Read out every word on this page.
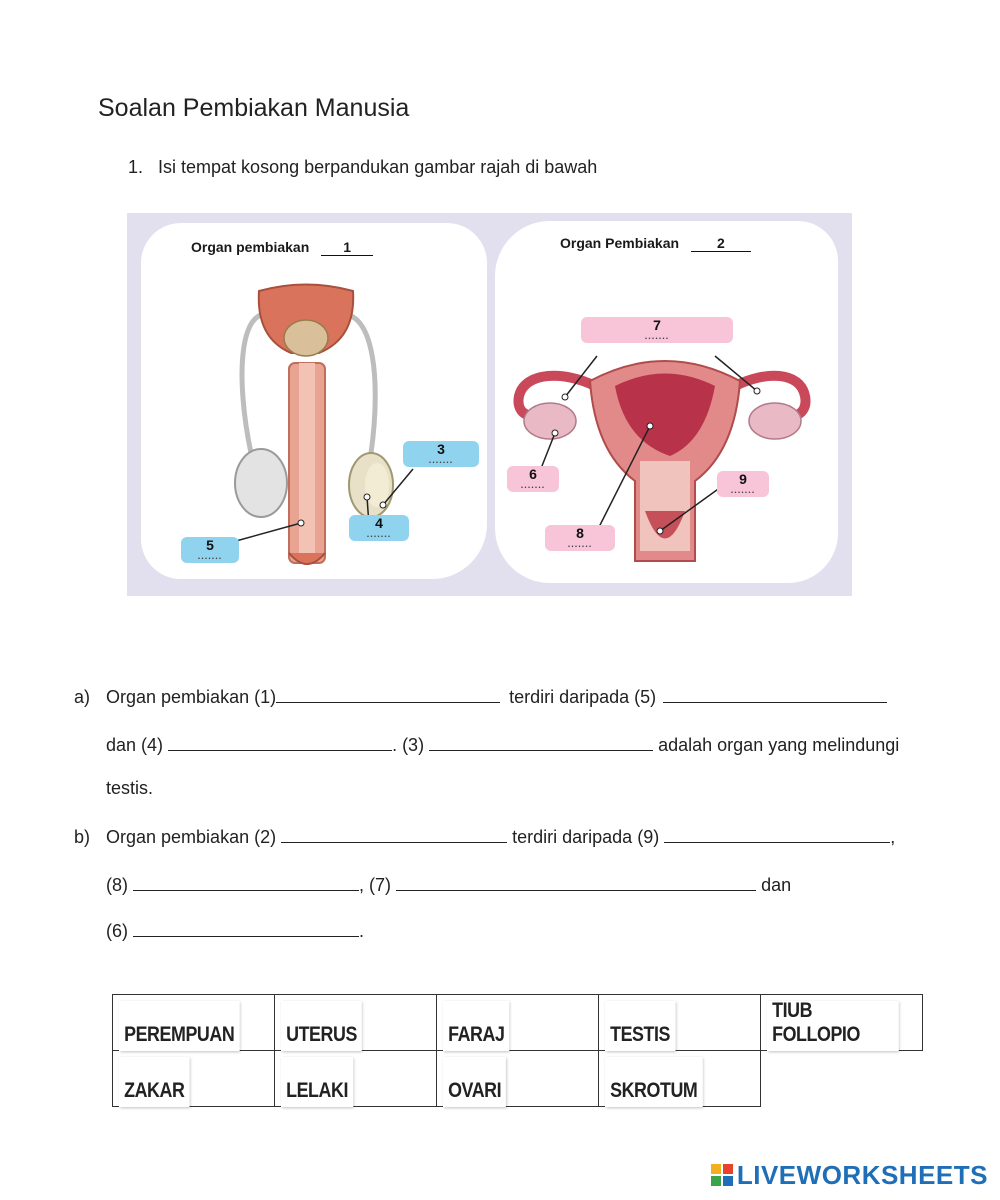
Soalan Pembiakan Manusia
1. Isi tempat kosong berpandukan gambar rajah di bawah
Organ pembiakan 1
3
.......
4
.......
5
.......
Organ Pembiakan	2
7
.......
6
.......	9
.......
8
.......
a) Organ pembiakan (1)	terdiri daripada (5)
dan (4)	. (3)	adalah organ yang melindungi
testis.
b) Organ pembiakan (2)	terdiri daripada (9)	,
(8)	, (7)	dan
(6)	.
PEREMPUAN	UTERUS	FARAJ	TESTIS	TIUB FOLLOPIO

ZAKAR	LELAKI	OVARI	SKROTUM	

LIVEWORKSHEETS
